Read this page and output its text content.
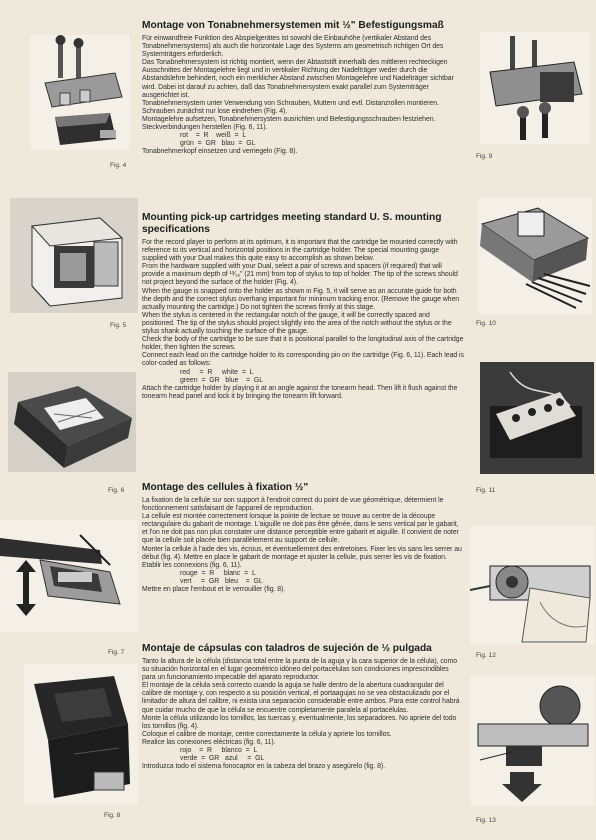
Fig. 4
Fig. 5
Fig. 6
Fig. 7
Fig. 8
Montage von Tonabnehmersystemen mit ½" Befestigungsmaß

Für einwandfreie Funktion des Abspielgerätes ist sowohl die Einbauhöhe (vertikaler Abstand des Tonabnehmersystems) als auch die horizontale Lage des Systems am geometrisch richtigen Ort des Systemträgers erforderlich.

Das Tonabnehmersystem ist richtig montiert, wenn der Abtaststift innerhalb des mittleren rechteckigen Ausschnittes der Montagelehre liegt und in vertikaler Richtung der Nadelträger weder durch die Abstandslehre behindert, noch ein merklicher Abstand zwischen Montagelehre und Nadelträger sichtbar wird. Dabei ist darauf zu achten, daß das Tonabnehmersystem exakt parallel zum Systemträger ausgerichtet ist.

Tonabnehmersystem unter Verwendung von Schrauben, Muttern und evtl. Distanzrollen montieren. Schrauben zunächst nur lose eindrehen (Fig. 4).

Montagelehre aufsetzen, Tonabnehmersystem ausrichten und Befestigungsschrauben festziehen.

Steckverbindungen herstellen (Fig. 6, 11).

rot    =  R    weiß  =  L

grün  =  GR   blau  =  GL

Tonabnehmerkopf einsetzen und verriegeln (Fig. 8).

Mounting pick-up cartridges meeting standard U. S. mounting specifications

For the record player to perform at its optimum, it is important that the cartridge be mounted correctly with reference to its vertical and horizontal positions in the cartridge holder. The special mounting gauge supplied with your Dual makes this quite easy to accomplish as shown below.

From the hardware supplied with your Dual, select a pair of screws and spacers (if required) that will provide a maximum depth of ¹³⁄₁₆" (21 mm) from top of stylus to top of holder. The tip of the screws should not project beyond the surface of the holder (Fig. 4).

When the gauge is snapped onto the holder as shown in Fig. 5, it will serve as an accurate guide for both the depth and the correct stylus overhang important for minimum tracking error. (Remove the gauge when actually mounting the cartridge.) Do not tighten the screws firmly at this stage.

When the stylus is centered in the rectangular notch of the gauge, it will be correctly spaced and positioned. The tip of the stylus should project slightly into the area of the notch without the stylus or the stylus shank actually touching the surface of the gauge.

Check the body of the cartridge to be sure that it is positional parallel to the longitudinal axis of the cartridge holder, then tighten the screws.

Connect each lead on the cartridge holder to its corresponding pin on the cartridge (Fig. 6, 11). Each lead is color-coded as follows:

red     =  R     white  =  L

green  =  GR   blue    =  GL

Attach the cartridge holder by playing it at an angle against the tonearm head. Then lift it flush against the tonearm head panel and lock it by bringing the tonearm lift forward.

Montage des cellules à fixation ½"

La fixation de la cellule sur son support à l'endroit correct du point de vue géométrique, détermient le fonctionnement satisfaisant de l'appareil de reproduction.

La cellule est montée correctement lorsque la pointe de lecture se trouve au centre de la découpe rectangulaire du gabarit de montage. L'aiguille ne doit pas être gênée, dans le sens vertical par le gabarit, et l'on ne doit pas non plus constater une distance perceptible entre gabarit et aiguille. Il convient de noter que la cellule soit placée bien parallèlement au support de cellule.

Monter la cellule à l'aide des vis, écrous, et éventuellement des entretoises. Fixer les vis sans les serrer au début (fig. 4). Mettre en place le gabarit de montage et ajuster la cellule, puis serrer les vis de fixation.

Etablir les connexions (fig. 6, 11).

rouge  =  R     blanc  =  L

vert     =  GR   bleu    =  GL

Mettre en place l'embout et le verrouiller (fig. 8).

Montaje de cápsulas con taladros de sujeción de ½ pulgada

Tanto la altura de la célula (distancia total entre la punta de la aguja y la cara superior de la célula), como su situación horizontal en el lugar geométrico idóneo del portacélulas son condiciones imprescindibles para un funcionamiento impecable del aparato reproductor.

El montaje de la célula será correcto cuando la aguja se halle dentro de la abertura cuadrangular del calibre de montaje y, con respecto a su posición vertical, el portaagujas no se vea obstaculizado por el limitador de altura del calibre, ni exista una separación considerable entre ambos. Para este control habrá que cuidar mucho de que la célula se encuentre completamente paralela al portacélulas.

Monte la célula utilizando los tornillos, las tuercas y, eventualmente, los separadores. No apriete del todo los tornillos (fig. 4).

Coloque el calibre de montaje, centre correctamente la célula y apriete los tornillos.

Realice las conexiones eléctricas (fig. 6, 11).

rojo    =  R     blanco  =  L

verde  =  GR   azul     =  GL

Introduzca todo el sistema fonocaptor en la cabeza del brazo y asegúrelo (fig. 8).

Fig. 9
Fig. 10
Fig. 11
Fig. 12
Fig. 13
